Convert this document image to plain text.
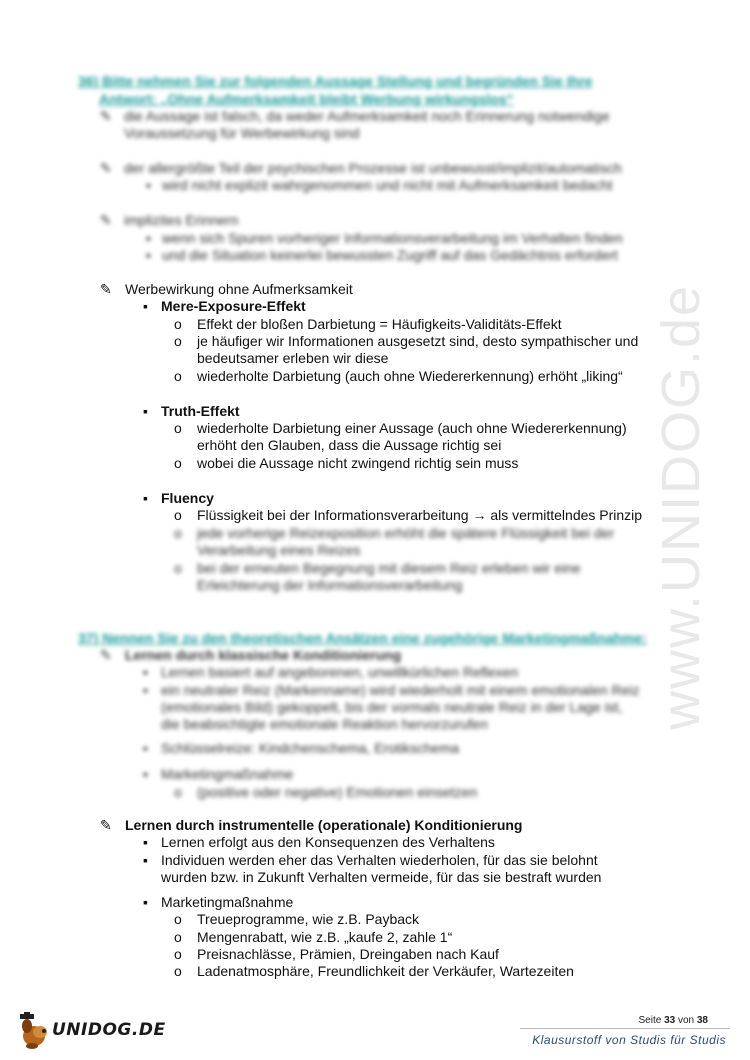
www.UNIDOG.de
36) Bitte nehmen Sie zur folgenden Aussage Stellung und begründen Sie Ihre
Antwort: „Ohne Aufmerksamkeit bleibt Werbung wirkungslos“
✎ die Aussage ist falsch, da weder Aufmerksamkeit noch Erinnerung notwendige
Voraussetzung für Werbewirkung sind
✎ der allergrößte Teil der psychischen Prozesse ist unbewusst/implizit/automatisch
▪ wird nicht explizit wahrgenommen und nicht mit Aufmerksamkeit bedacht
✎ implizites Erinnern
▪ wenn sich Spuren vorheriger Informationsverarbeitung im Verhalten finden
▪ und die Situation keinerlei bewussten Zugriff auf das Gedächtnis erfordert
✎ Werbewirkung ohne Aufmerksamkeit
▪ Mere-Exposure-Effekt
o Effekt der bloßen Darbietung = Häufigkeits-Validitäts-Effekt
o je häufiger wir Informationen ausgesetzt sind, desto sympathischer und
bedeutsamer erleben wir diese
o wiederholte Darbietung (auch ohne Wiedererkennung) erhöht „liking“
▪ Truth-Effekt
o wiederholte Darbietung einer Aussage (auch ohne Wiedererkennung)
erhöht den Glauben, dass die Aussage richtig sei
o wobei die Aussage nicht zwingend richtig sein muss
▪ Fluency
o Flüssigkeit bei der Informationsverarbeitung → als vermittelndes Prinzip
o jede vorherige Reizexposition erhöht die spätere Flüssigkeit bei der
Verarbeitung eines Reizes
o bei der erneuten Begegnung mit diesem Reiz erleben wir eine
Erleichterung der Informationsverarbeitung
37) Nennen Sie zu den theoretischen Ansätzen eine zugehörige Marketingmaßnahme:
✎ Lernen durch klassische Konditionierung
▪ Lernen basiert auf angeborenen, unwillkürlichen Reflexen
▪ ein neutraler Reiz (Markenname) wird wiederholt mit einem emotionalen Reiz
(emotionales Bild) gekoppelt, bis der vormals neutrale Reiz in der Lage ist,
die beabsichtigte emotionale Reaktion hervorzurufen
▪ Schlüsselreize: Kindchenschema, Erotikschema
▪ Marketingmaßnahme
o (positive oder negative) Emotionen einsetzen
✎ Lernen durch instrumentelle (operationale) Konditionierung
▪ Lernen erfolgt aus den Konsequenzen des Verhaltens
▪ Individuen werden eher das Verhalten wiederholen, für das sie belohnt
wurden bzw. in Zukunft Verhalten vermeide, für das sie bestraft wurden
▪ Marketingmaßnahme
o Treueprogramme, wie z.B. Payback
o Mengenrabatt, wie z.B. „kaufe 2, zahle 1“
o Preisnachlässe, Prämien, Dreingaben nach Kauf
o Ladenatmosphäre, Freundlichkeit der Verkäufer, Wartezeiten
Seite 33 von 38
Klausurstoff von Studis für Studis
UNIDOG.DE
